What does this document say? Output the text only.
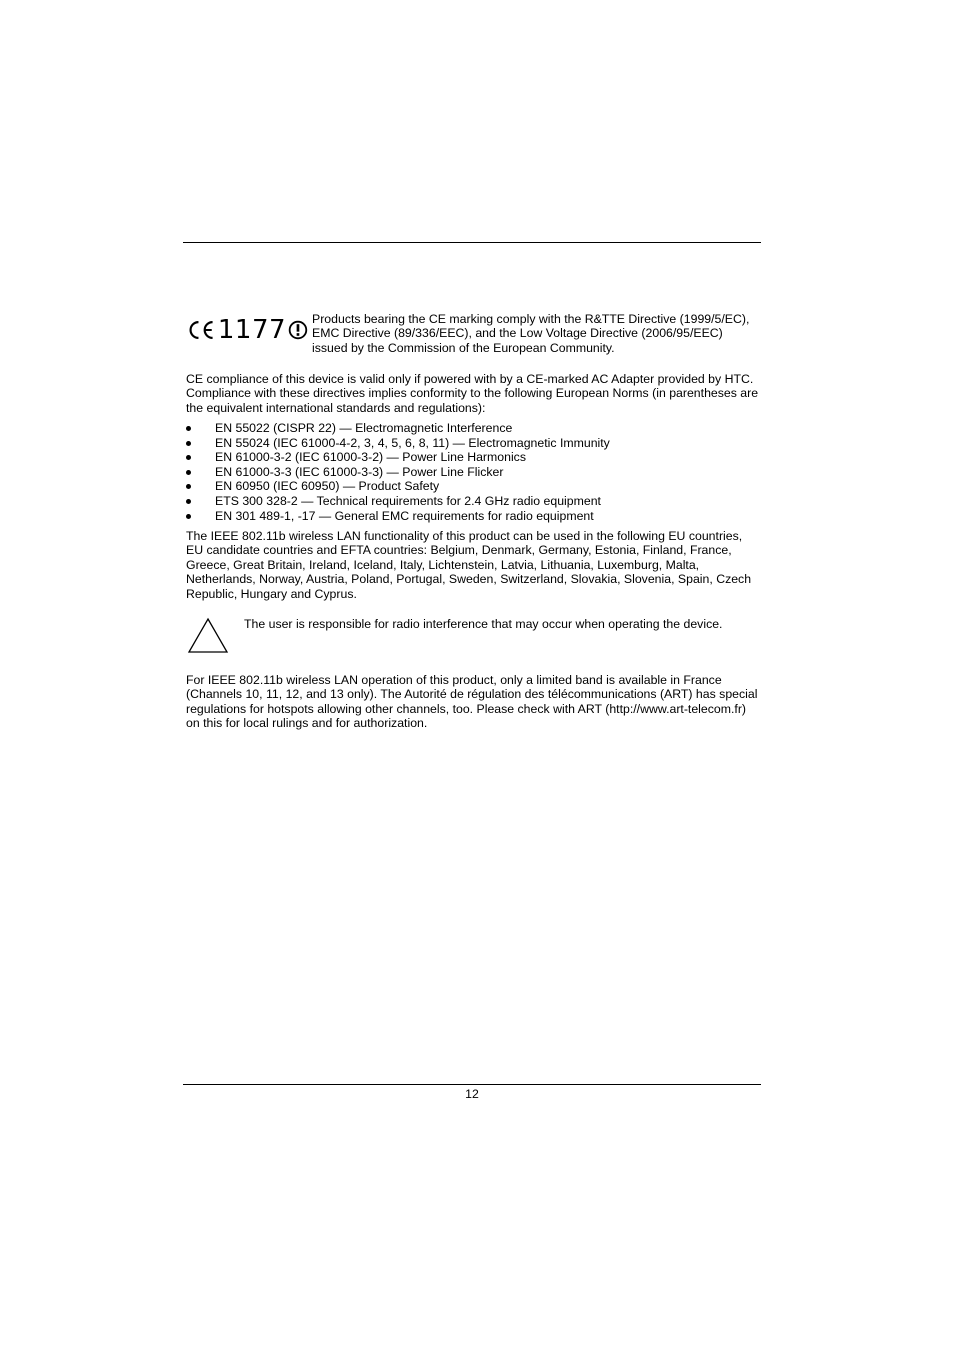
1177 Products bearing the CE marking comply with the R&TTE Directive (1999/5/EC), EMC Directive (89/336/EEC), and the Low Voltage Directive (2006/95/EEC) issued by the Commission of the European Community.

CE compliance of this device is valid only if powered with by a CE-marked AC Adapter provided by HTC. Compliance with these directives implies conformity to the following European Norms (in parentheses are the equivalent international standards and regulations):

EN 55022 (CISPR 22) — Electromagnetic Interference
EN 55024 (IEC 61000-4-2, 3, 4, 5, 6, 8, 11) — Electromagnetic Immunity
EN 61000-3-2 (IEC 61000-3-2) — Power Line Harmonics
EN 61000-3-3 (IEC 61000-3-3) — Power Line Flicker
EN 60950 (IEC 60950) — Product Safety
ETS 300 328-2 — Technical requirements for 2.4 GHz radio equipment
EN 301 489-1, -17 — General EMC requirements for radio equipment

The IEEE 802.11b wireless LAN functionality of this product can be used in the following EU countries, EU candidate countries and EFTA countries: Belgium, Denmark, Germany, Estonia, Finland, France, Greece, Great Britain, Ireland, Iceland, Italy, Lichtenstein, Latvia, Lithuania, Luxemburg, Malta, Netherlands, Norway, Austria, Poland, Portugal, Sweden, Switzerland, Slovakia, Slovenia, Spain, Czech Republic, Hungary and Cyprus.

The user is responsible for radio interference that may occur when operating the device.

For IEEE 802.11b wireless LAN operation of this product, only a limited band is available in France (Channels 10, 11, 12, and 13 only). The Autorité de régulation des télécommunications (ART) has special regulations for hotspots allowing other channels, too. Please check with ART (http://www.art-telecom.fr) on this for local rulings and for authorization.

12
